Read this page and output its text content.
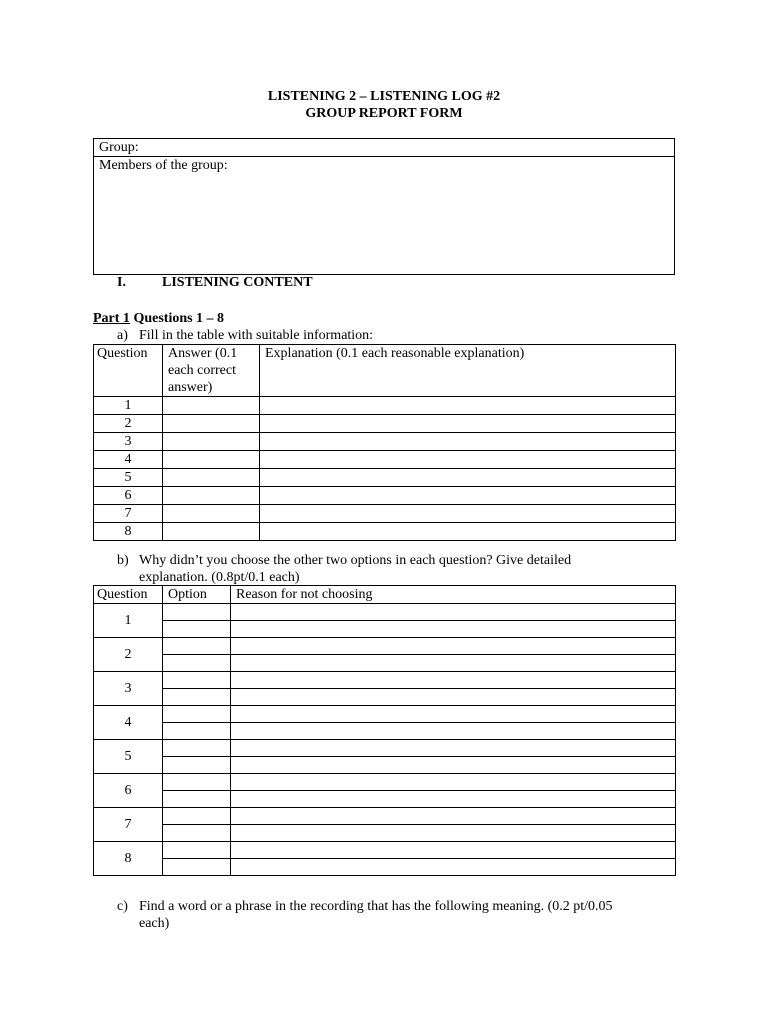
LISTENING 2 – LISTENING LOG #2
GROUP REPORT FORM
Group:
Members of the group:
I.	LISTENING CONTENT
Part 1 Questions 1 – 8
a) Fill in the table with suitable information:
Question	Answer (0.1 each correct answer)	Explanation (0.1 each reasonable explanation)
1		
2		
3		
4		
5		
6		
7		
8		
b) Why didn’t you choose the other two options in each question? Give detailed
explanation. (0.8pt/0.1 each)
Question	Option	Reason for not choosing
1		

2		

3		

4		

5		

6		

7		

8		

c) Find a word or a phrase in the recording that has the following meaning. (0.2 pt/0.05
each)
